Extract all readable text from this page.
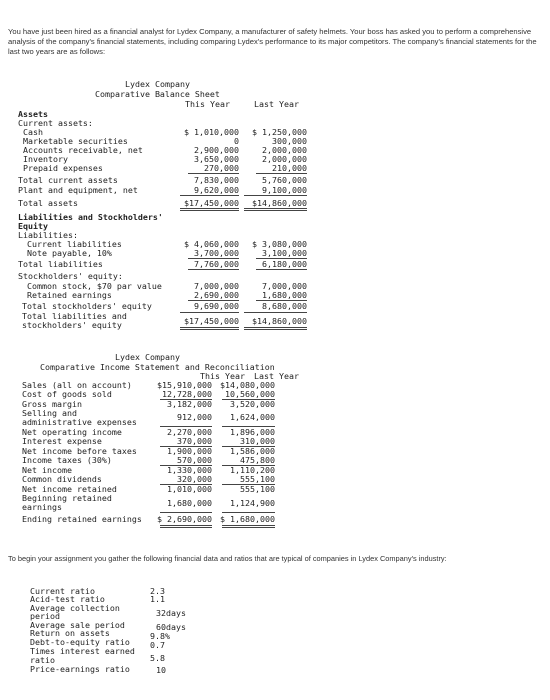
You have just been hired as a financial analyst for Lydex Company, a manufacturer of safety helmets. Your boss has asked you to perform a comprehensive analysis of the company's financial statements, including comparing Lydex's performance to its major competitors. The company's financial statements for the last two years are as follows:
Lydex Company
Comparative Balance Sheet
This Year	Last Year
Assets
Current assets:
Cash	$ 1,010,000	$ 1,250,000
Marketable securities	0	300,000
Accounts receivable, net	2,900,000	2,000,000
Inventory	3,650,000	2,000,000
Prepaid expenses	270,000	210,000
Total current assets	7,830,000	5,760,000
Plant and equipment, net	9,620,000	9,100,000
Total assets	$17,450,000	$14,860,000
Liabilities and Stockholders'
Equity
Liabilities:
Current liabilities	$ 4,060,000	$ 3,080,000
Note payable, 10%	3,700,000	3,100,000
Total liabilities	7,760,000	6,180,000
Stockholders' equity:
Common stock, $70 par value	7,000,000	7,000,000
Retained earnings	2,690,000	1,680,000
Total stockholders' equity	9,690,000	8,680,000
Total liabilities and
stockholders' equity	$17,450,000	$14,860,000
Lydex Company
Comparative Income Statement and Reconciliation
This Year Last Year
Sales (all on account)	$15,910,000 $14,080,000
Cost of goods sold	12,728,000	10,560,000
Gross margin	3,182,000	3,520,000
Selling and
administrative expenses	912,000	1,624,000
Net operating income	2,270,000	1,896,000
Interest expense	370,000	310,000
Net income before taxes	1,900,000	1,586,000
Income taxes (30%)	570,000	475,800
Net income	1,330,000	1,110,200
Common dividends	320,000	555,100
Net income retained	1,010,000	555,100
Beginning retained
earnings	1,680,000	1,124,900
Ending retained earnings	$ 2,690,000 $ 1,680,000
To begin your assignment you gather the following financial data and ratios that are typical of companies in Lydex Company's industry:
Current ratio	2.3
Acid-test ratio	1.1
Average collection
period	32days
Average sale period	60days
Return on assets	9.8%
Debt-to-equity ratio 0.7
Times interest earned
ratio	5.8
Price-earnings ratio	10
